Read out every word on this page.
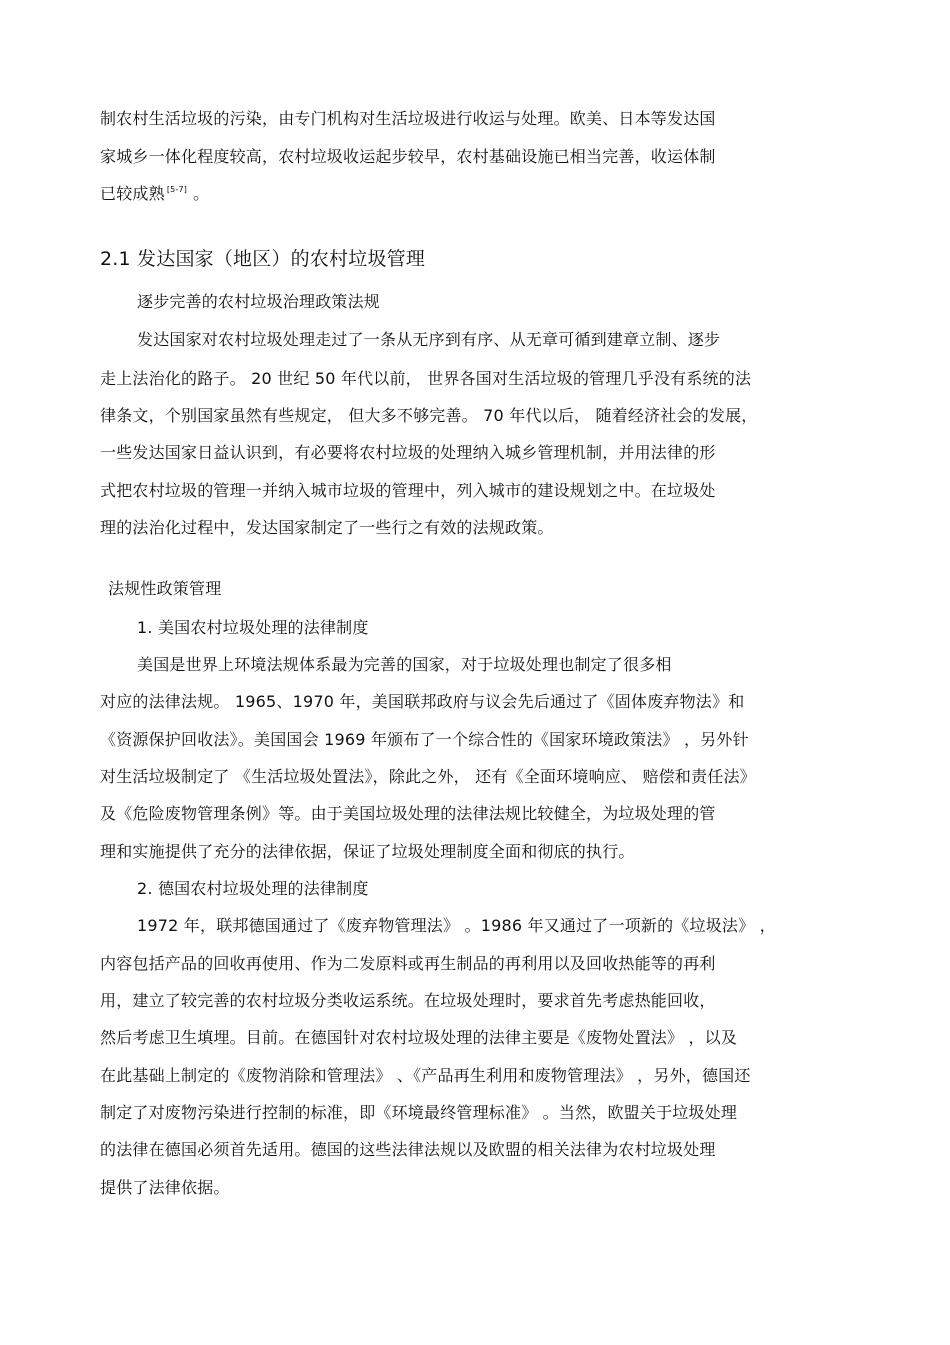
制农村生活垃圾的污染，由专门机构对生活垃圾进行收运与处理。欧美、日本等发达国
家城乡一体化程度较高，农村垃圾收运起步较早，农村基础设施已相当完善，收运体制
已较成熟 [5-7] 。
2.1 发达国家（地区）的农村垃圾管理
逐步完善的农村垃圾治理政策法规
发达国家对农村垃圾处理走过了一条从无序到有序、从无章可循到建章立制、逐步
走上法治化的路子。 20 世纪 50 年代以前， 世界各国对生活垃圾的管理几乎没有系统的法
律条文，个别国家虽然有些规定， 但大多不够完善。 70 年代以后， 随着经济社会的发展，
一些发达国家日益认识到，有必要将农村垃圾的处理纳入城乡管理机制，并用法律的形
式把农村垃圾的管理一并纳入城市垃圾的管理中，列入城市的建设规划之中。在垃圾处
理的法治化过程中，发达国家制定了一些行之有效的法规政策。
法规性政策管理
1. 美国农村垃圾处理的法律制度
美国是世界上环境法规体系最为完善的国家，对于垃圾处理也制定了很多相
对应的法律法规。 1965、1970 年，美国联邦政府与议会先后通过了《固体废弃物法》和
《资源保护回收法》。美国国会 1969 年颁布了一个综合性的《国家环境政策法》 ，另外针
对生活垃圾制定了 《生活垃圾处置法》，除此之外， 还有《全面环境响应、 赔偿和责任法》
及《危险废物管理条例》等。由于美国垃圾处理的法律法规比较健全，为垃圾处理的管
理和实施提供了充分的法律依据，保证了垃圾处理制度全面和彻底的执行。
2. 德国农村垃圾处理的法律制度
1972 年，联邦德国通过了《废弃物管理法》 。1986 年又通过了一项新的《垃圾法》 ，
内容包括产品的回收再使用、作为二发原料或再生制品的再利用以及回收热能等的再利
用，建立了较完善的农村垃圾分类收运系统。在垃圾处理时，要求首先考虑热能回收，
然后考虑卫生填埋。目前。在德国针对农村垃圾处理的法律主要是《废物处置法》 ，以及
在此基础上制定的《废物消除和管理法》 、《产品再生利用和废物管理法》 ，另外，德国还
制定了对废物污染进行控制的标准，即《环境最终管理标准》 。当然，欧盟关于垃圾处理
的法律在德国必须首先适用。德国的这些法律法规以及欧盟的相关法律为农村垃圾处理
提供了法律依据。
